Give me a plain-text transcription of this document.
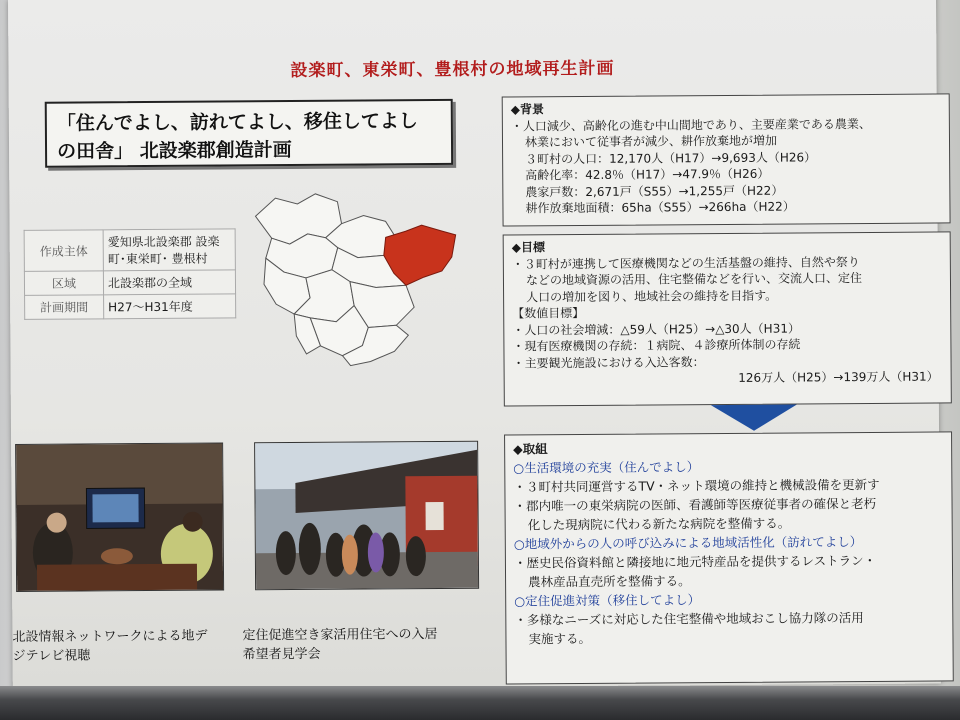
設楽町、東栄町、豊根村の地域再生計画
「住んでよし、訪れてよし、移住してよし
の田舎」 北設楽郡創造計画
作成主体	愛知県北設楽郡 設楽町･東栄町･ 豊根村
区域	北設楽郡の全域
計画期間	H27～H31年度
◆背景
・人口減少、高齢化の進む中山間地であり、主要産業である農業、
林業において従事者が減少、耕作放棄地が増加
３町村の人口：12,170人（H17）→9,693人（H26）
高齢化率：42.8％（H17）→47.9％（H26）
農家戸数：2,671戸（S55）→1,255戸（H22）
耕作放棄地面積：65ha（S55）→266ha（H22）
◆目標
・３町村が連携して医療機関などの生活基盤の維持、自然や祭り
などの地域資源の活用、住宅整備などを行い、交流人口、定住
人口の増加を図り、地域社会の維持を目指す。
【数値目標】
・人口の社会増減：△59人（H25）→△30人（H31）
・現有医療機関の存続：１病院、４診療所体制の存続
・主要観光施設における入込客数：
126万人（H25）→139万人（H31）
◆取組
○生活環境の充実（住んでよし）
・３町村共同運営するTV・ネット環境の維持と機械設備を更新す
・郡内唯一の東栄病院の医師、看護師等医療従事者の確保と老朽
化した現病院に代わる新たな病院を整備する。
○地域外からの人の呼び込みによる地域活性化（訪れてよし）
・歴史民俗資料館と隣接地に地元特産品を提供するレストラン・
農林産品直売所を整備する。
○定住促進対策（移住してよし）
・多様なニーズに対応した住宅整備や地域おこし協力隊の活用
実施する。
北設情報ネットワークによる地デ
ジテレビ視聴
定住促進空き家活用住宅への入居
希望者見学会
